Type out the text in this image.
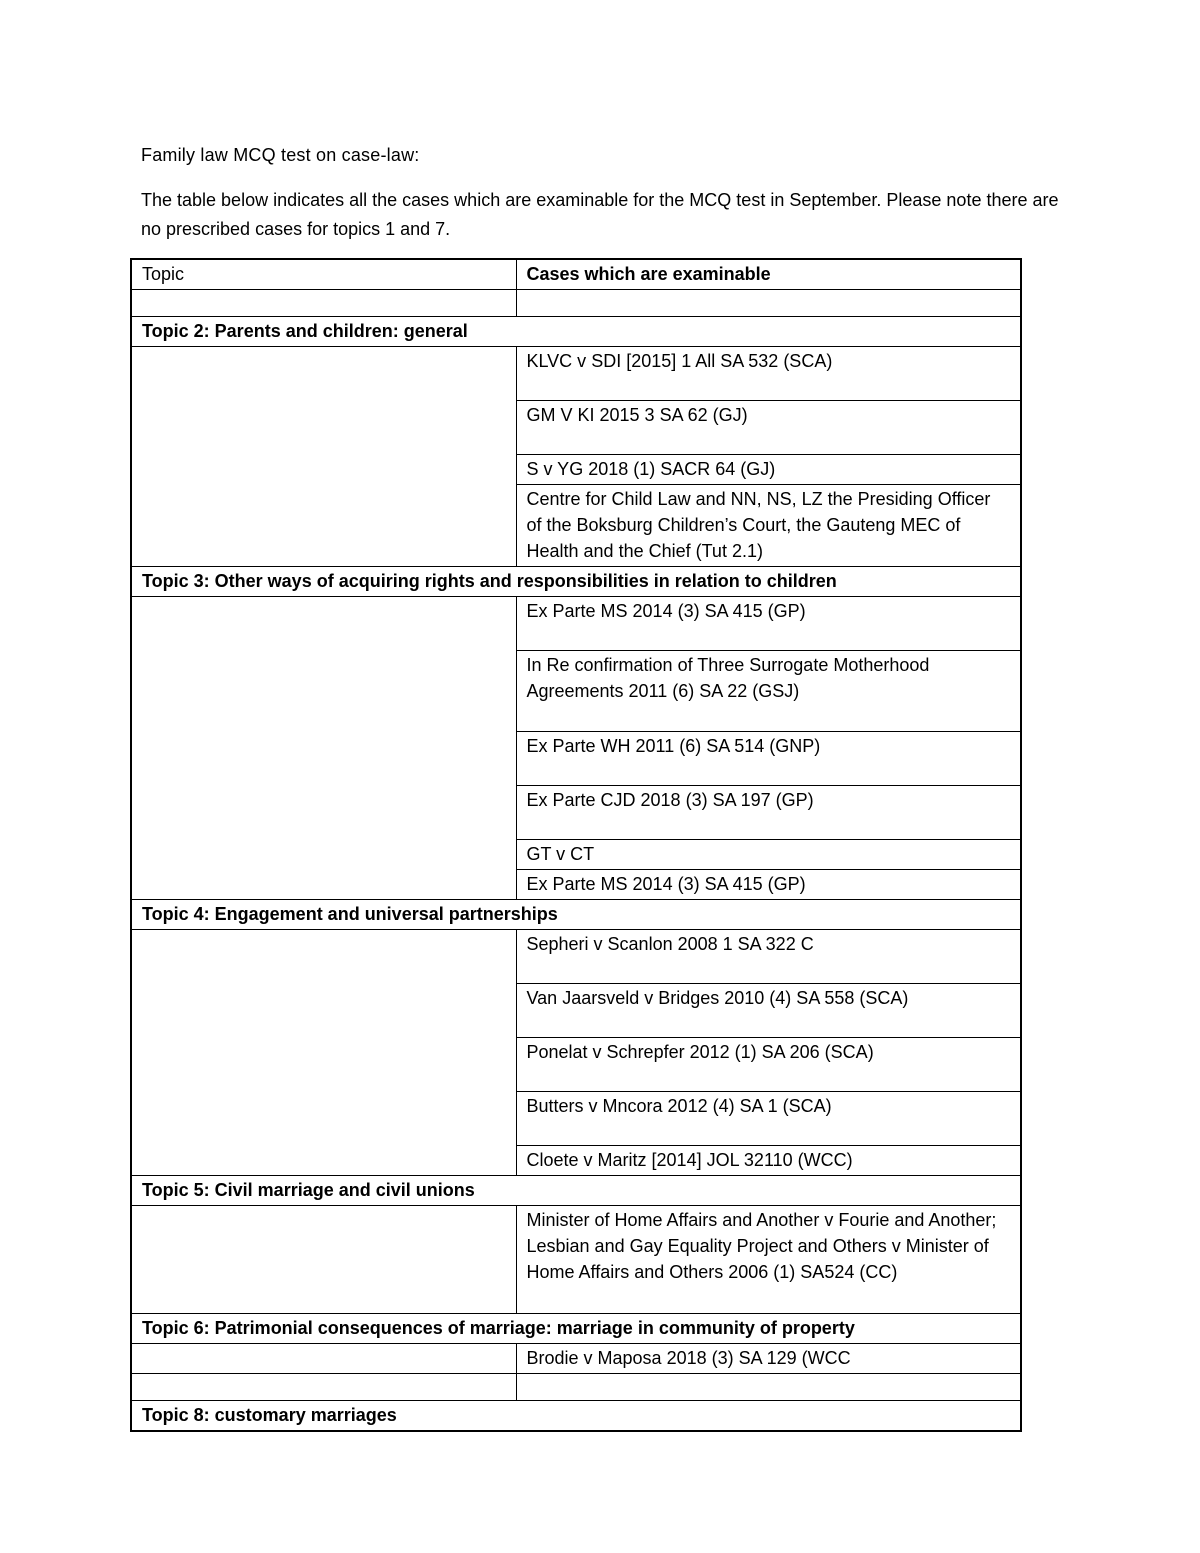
Family law MCQ test on case-law:
The table below indicates all the cases which are examinable for the MCQ test in September. Please note there are no prescribed cases for topics 1 and 7.
Topic	Cases which are examinable

Topic 2: Parents and children: general	
	KLVC v SDI [2015] 1 All SA 532 (SCA)
	GM V KI 2015 3 SA 62 (GJ)
	S v YG 2018 (1) SACR 64 (GJ)
	Centre for Child Law and NN, NS, LZ the Presiding Officer of the Boksburg Children’s Court, the Gauteng MEC of Health and the Chief (Tut 2.1)
Topic 3: Other ways of acquiring rights and responsibilities in relation to children	
	Ex Parte MS 2014 (3) SA 415 (GP)
	In Re confirmation of Three Surrogate Motherhood Agreements 2011 (6) SA 22 (GSJ)
	Ex Parte WH 2011 (6) SA 514 (GNP)
	Ex Parte CJD 2018 (3) SA 197 (GP)
	GT v CT
	Ex Parte MS 2014 (3) SA 415 (GP)
Topic 4: Engagement and universal partnerships	
	Sepheri v Scanlon 2008 1 SA 322 C
	Van Jaarsveld v Bridges 2010 (4) SA 558 (SCA)
	Ponelat v Schrepfer 2012 (1) SA 206 (SCA)
	Butters v Mncora 2012 (4) SA 1 (SCA)
	Cloete v Maritz [2014] JOL 32110 (WCC)
Topic 5: Civil marriage and civil unions	
	Minister of Home Affairs and Another v Fourie and Another; Lesbian and Gay Equality Project and Others v Minister of Home Affairs and Others 2006 (1) SA524 (CC)
Topic 6: Patrimonial consequences of marriage: marriage in community of property	
	Brodie v Maposa 2018 (3) SA 129 (WCC

Topic 8: customary marriages	
